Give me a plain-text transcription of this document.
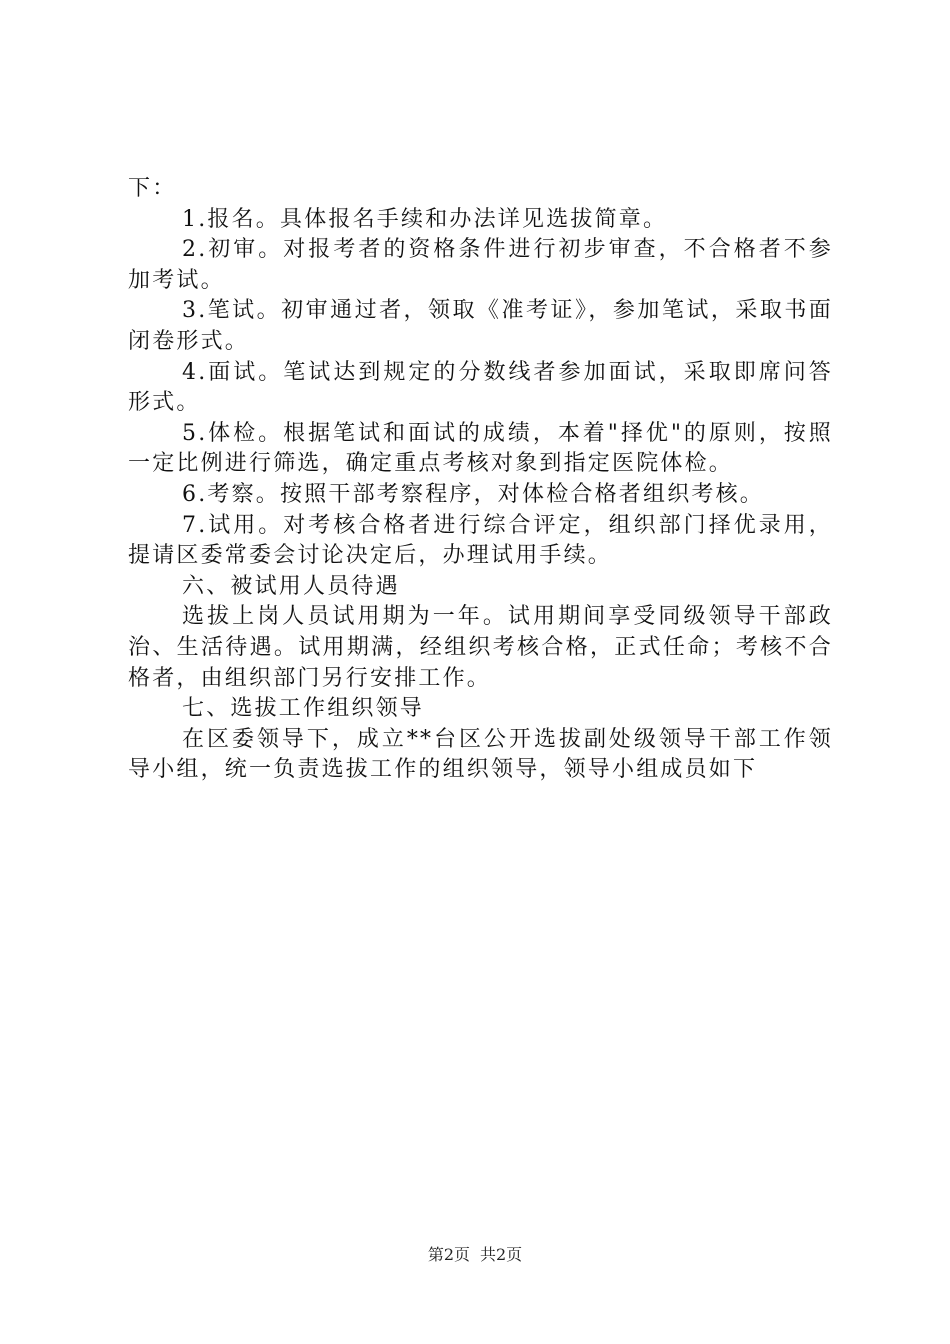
下：

1.报名。具体报名手续和办法详见选拔简章。

2.初审。对报考者的资格条件进行初步审查，不合格者不参加考试。

3.笔试。初审通过者，领取《准考证》，参加笔试，采取书面闭卷形式。

4.面试。笔试达到规定的分数线者参加面试，采取即席问答形式。

5.体检。根据笔试和面试的成绩，本着"择优"的原则，按照一定比例进行筛选，确定重点考核对象到指定医院体检。

6.考察。按照干部考察程序，对体检合格者组织考核。

7.试用。对考核合格者进行综合评定，组织部门择优录用，提请区委常委会讨论决定后，办理试用手续。

六、被试用人员待遇

选拔上岗人员试用期为一年。试用期间享受同级领导干部政治、生活待遇。试用期满，经组织考核合格，正式任命；考核不合格者，由组织部门另行安排工作。

七、选拔工作组织领导

在区委领导下，成立**台区公开选拔副处级领导干部工作领导小组，统一负责选拔工作的组织领导，领导小组成员如下

第2页 共2页
